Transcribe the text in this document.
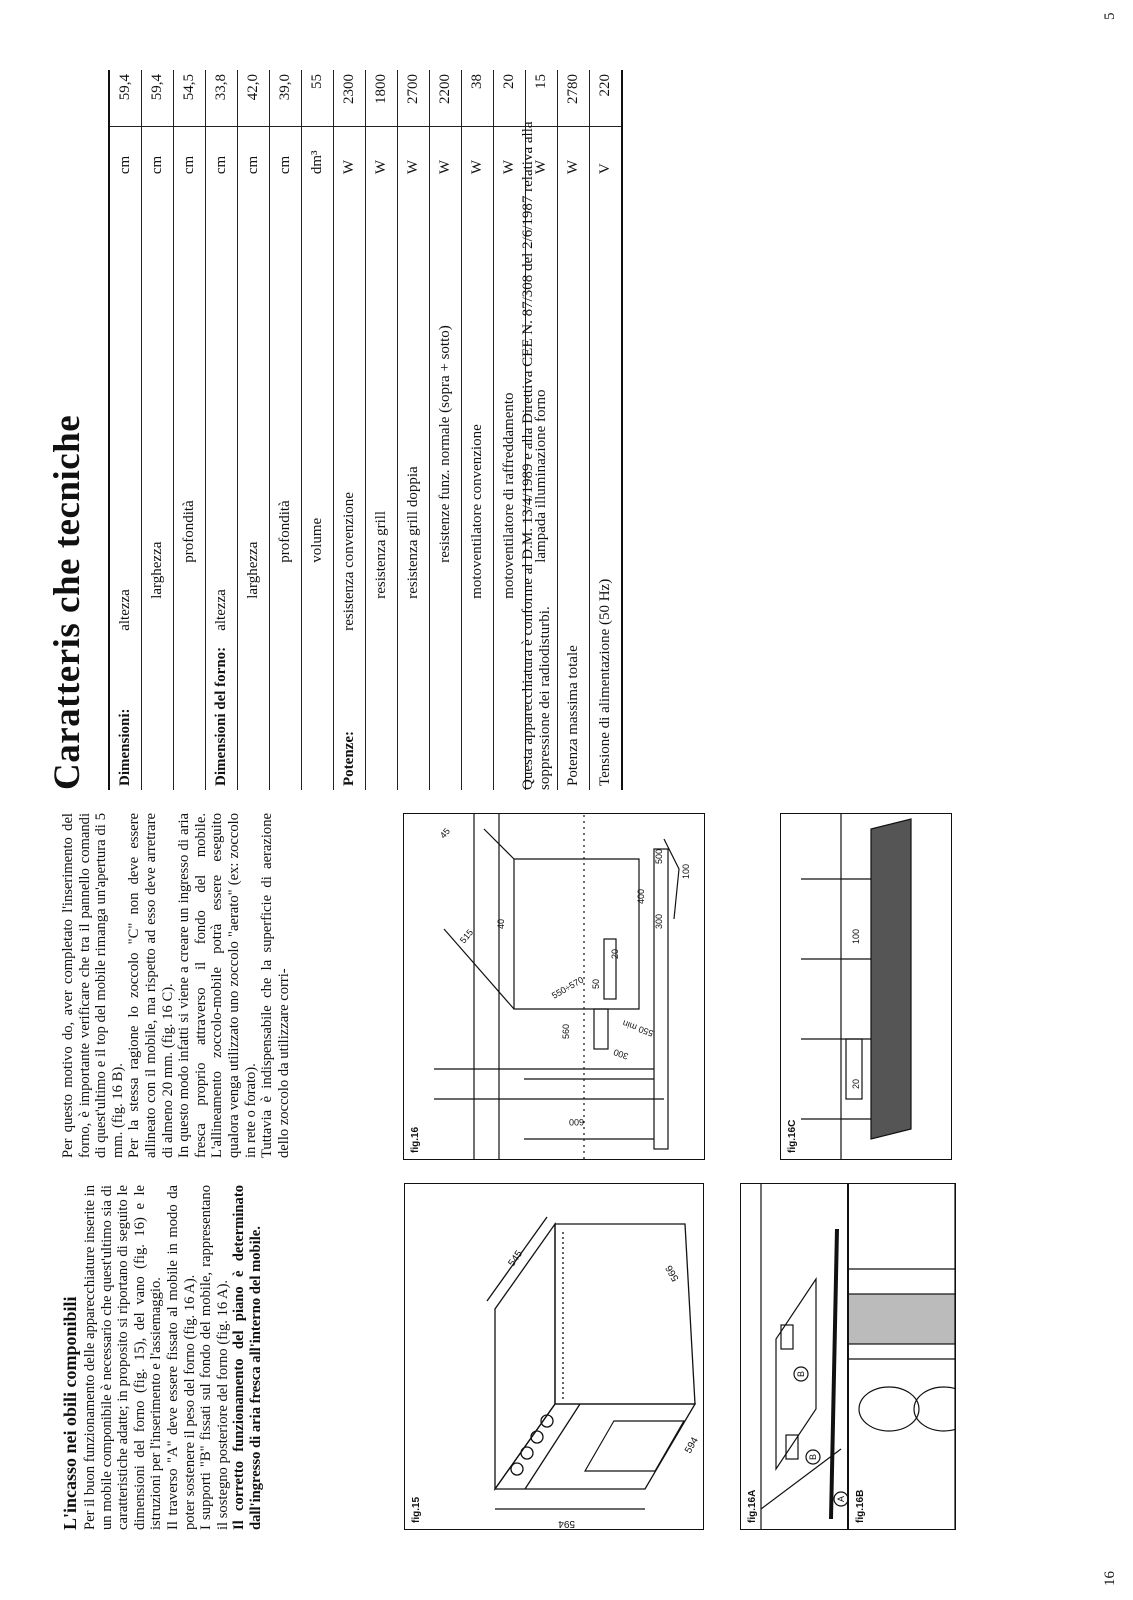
16
5
L'incasso nei obili componibili Per il buon funzionamento delle apparecchiature inserite in un mobile componibile è necessario che quest'ultimo sia di caratteristiche adatte; in proposito si riportano di seguito le dimensioni del forno (fig. 15), del vano (fig. 16) e le istruzioni per l'inserimento e l'assiemaggio. Il traverso "A" deve essere fissato al mobile in modo da poter sostenere il peso del forno (fig. 16 A). I supporti "B" fissati sul fondo del mobile, rappresentano il sostegno posteriore del forno (fig. 16 A). Il corretto funzionamento del piano è determinato dall'ingresso di aria fresca all'interno del mobile.

Per questo motivo do, aver completato l'inserimento del forno, è importante verificare che tra il pannello comandi di quest'ultimo e il top del mobile rimanga un'apertura di 5 mm. (fig. 16 B). Per la stessa ragione lo zoccolo "C" non deve essere allineato con il mobile, ma rispetto ad esso deve arretrare di almeno 20 mm. (fig. 16 C). In questo modo infatti si viene a creare un ingresso di aria fresca proprio attraverso il fondo del mobile. L'allineamento zoccolo-mobile potrà essere eseguito qualora venga utilizzato uno zoccolo "aerato" (ex: zoccolo in rete o forato). Tuttavia è indispensabile che la superficie di aerazione dello zoccolo da utilizzare corri-

fig.15
594
545
566
594
fig.16
600
560
550÷570
515
45
40
300
550 min
50
20
400
300
500
100
fig.16A
B
B
A fig.16B
fig.16C
20
100
Caratteris che tecniche Dimensioni:	altezza	cm	59,4
	larghezza	cm	59,4
	profondità	cm	54,5
Dimensioni del forno:	altezza	cm	33,8
	larghezza	cm	42,0
	profondità	cm	39,0
	volume	dm³	55
Potenze:	resistenza convenzione	W	2300
	resistenza grill	W	1800
	resistenza grill doppia	W	2700
	resistenze funz. normale (sopra + sotto)	W	2200
	motoventilatore convenzione	W	38
	motoventilatore di raffreddamento	W	20
	lampada illuminazione forno	W	15
Potenza massima totale		W	2780
Tensione di alimentazione (50 Hz)		V	220
Questa apparecchiatura è conforme al D.M. 13/4/1989 e alla Direttiva CEE N. 87/308 del 2/6/1987 relativa alla soppressione dei radiodisturbi.
